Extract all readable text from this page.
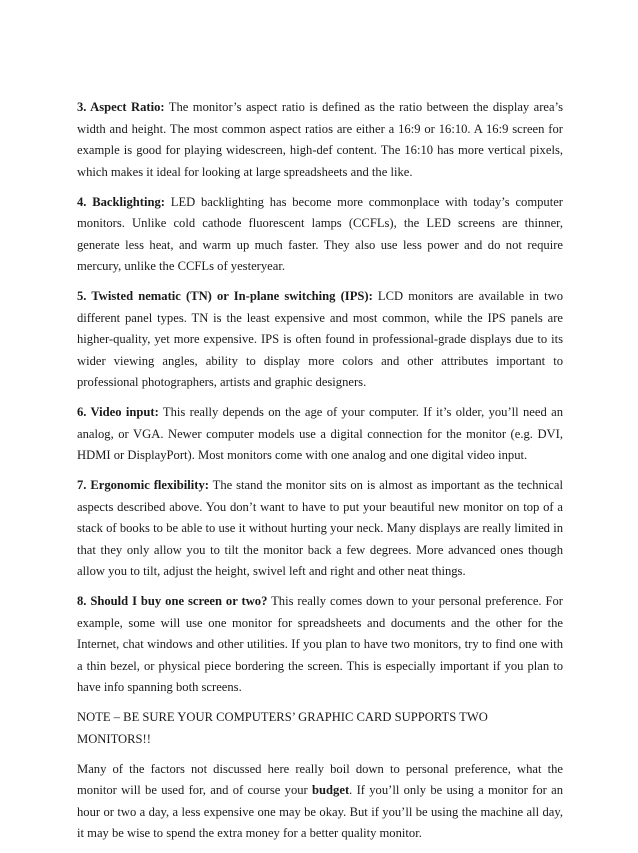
3. Aspect Ratio: The monitor’s aspect ratio is defined as the ratio between the display area’s width and height. The most common aspect ratios are either a 16:9 or 16:10. A 16:9 screen for example is good for playing widescreen, high-def content. The 16:10 has more vertical pixels, which makes it ideal for looking at large spreadsheets and the like.

4. Backlighting: LED backlighting has become more commonplace with today’s computer monitors. Unlike cold cathode fluorescent lamps (CCFLs), the LED screens are thinner, generate less heat, and warm up much faster. They also use less power and do not require mercury, unlike the CCFLs of yesteryear.

5. Twisted nematic (TN) or In-plane switching (IPS): LCD monitors are available in two different panel types. TN is the least expensive and most common, while the IPS panels are higher-quality, yet more expensive. IPS is often found in professional-grade displays due to its wider viewing angles, ability to display more colors and other attributes important to professional photographers, artists and graphic designers.

6. Video input: This really depends on the age of your computer. If it’s older, you’ll need an analog, or VGA. Newer computer models use a digital connection for the monitor (e.g. DVI, HDMI or DisplayPort). Most monitors come with one analog and one digital video input.

7. Ergonomic flexibility: The stand the monitor sits on is almost as important as the technical aspects described above. You don’t want to have to put your beautiful new monitor on top of a stack of books to be able to use it without hurting your neck. Many displays are really limited in that they only allow you to tilt the monitor back a few degrees. More advanced ones though allow you to tilt, adjust the height, swivel left and right and other neat things.

8. Should I buy one screen or two? This really comes down to your personal preference. For example, some will use one monitor for spreadsheets and documents and the other for the Internet, chat windows and other utilities. If you plan to have two monitors, try to find one with a thin bezel, or physical piece bordering the screen. This is especially important if you plan to have info spanning both screens.

NOTE – BE SURE YOUR COMPUTERS’ GRAPHIC CARD SUPPORTS TWO MONITORS!!

Many of the factors not discussed here really boil down to personal preference, what the monitor will be used for, and of course your budget. If you’ll only be using a monitor for an hour or two a day, a less expensive one may be okay. But if you’ll be using the machine all day, it may be wise to spend the extra money for a better quality monitor.
